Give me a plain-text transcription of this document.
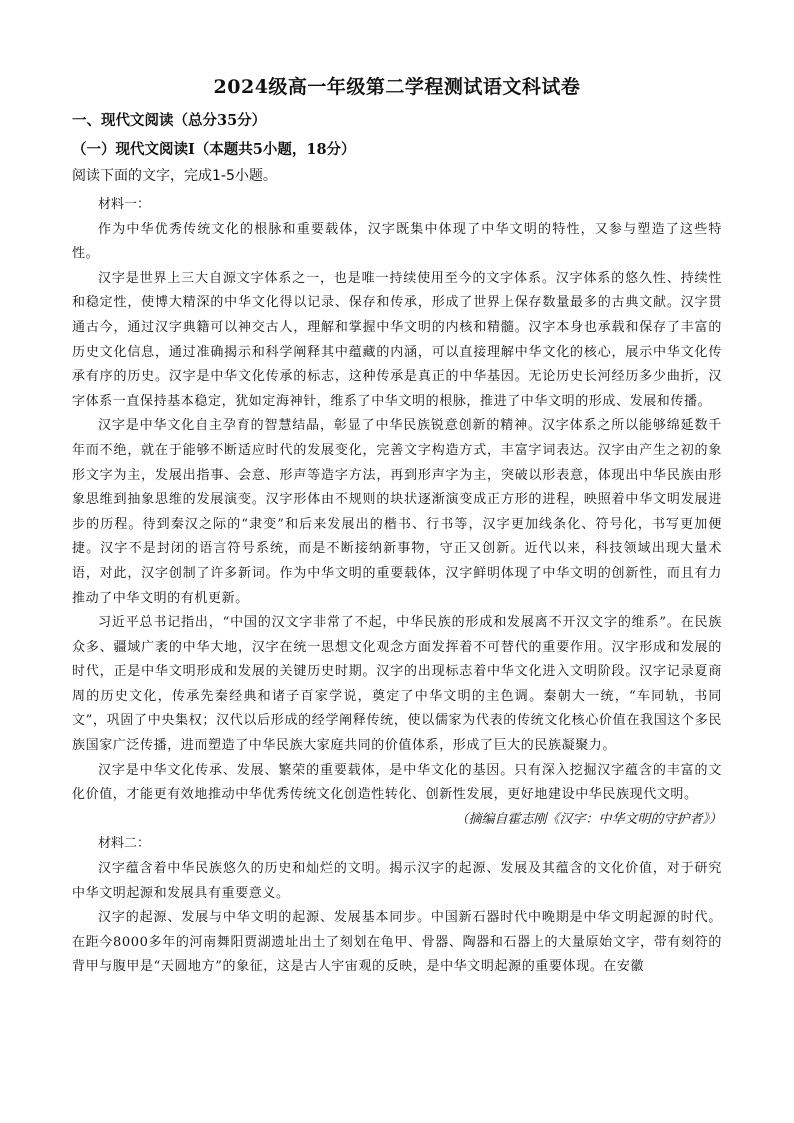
2024级高一年级第二学程测试语文科试卷
一、现代文阅读（总分35分）
（一）现代文阅读Ⅰ（本题共5小题，18分）
阅读下面的文字，完成1-5小题。
材料一：

作为中华优秀传统文化的根脉和重要载体，汉字既集中体现了中华文明的特性，又参与塑造了这些特性。

汉字是世界上三大自源文字体系之一，也是唯一持续使用至今的文字体系。汉字体系的悠久性、持续性和稳定性，使博大精深的中华文化得以记录、保存和传承，形成了世界上保存数量最多的古典文献。汉字贯通古今，通过汉字典籍可以神交古人，理解和掌握中华文明的内核和精髓。汉字本身也承载和保存了丰富的历史文化信息，通过准确揭示和科学阐释其中蕴藏的内涵，可以直接理解中华文化的核心，展示中华文化传承有序的历史。汉字是中华文化传承的标志，这种传承是真正的中华基因。无论历史长河经历多少曲折，汉字体系一直保持基本稳定，犹如定海神针，维系了中华文明的根脉，推进了中华文明的形成、发展和传播。

汉字是中华文化自主孕育的智慧结晶，彰显了中华民族锐意创新的精神。汉字体系之所以能够绵延数千年而不绝，就在于能够不断适应时代的发展变化，完善文字构造方式，丰富字词表达。汉字由产生之初的象形文字为主，发展出指事、会意、形声等造字方法，再到形声字为主，突破以形表意，体现出中华民族由形象思维到抽象思维的发展演变。汉字形体由不规则的块状逐渐演变成正方形的进程，映照着中华文明发展进步的历程。待到秦汉之际的“隶变”和后来发展出的楷书、行书等，汉字更加线条化、符号化，书写更加便捷。汉字不是封闭的语言符号系统，而是不断接纳新事物，守正又创新。近代以来，科技领域出现大量术语，对此，汉字创制了许多新词。作为中华文明的重要载体，汉字鲜明体现了中华文明的创新性，而且有力推动了中华文明的有机更新。

习近平总书记指出，“中国的汉文字非常了不起，中华民族的形成和发展离不开汉文字的维系”。在民族众多、疆域广袤的中华大地，汉字在统一思想文化观念方面发挥着不可替代的重要作用。汉字形成和发展的时代，正是中华文明形成和发展的关键历史时期。汉字的出现标志着中华文化进入文明阶段。汉字记录夏商周的历史文化，传承先秦经典和诸子百家学说，奠定了中华文明的主色调。秦朝大一统，“车同轨，书同文”，巩固了中央集权；汉代以后形成的经学阐释传统，使以儒家为代表的传统文化核心价值在我国这个多民族国家广泛传播，进而塑造了中华民族大家庭共同的价值体系，形成了巨大的民族凝聚力。

汉字是中华文化传承、发展、繁荣的重要载体，是中华文化的基因。只有深入挖掘汉字蕴含的丰富的文化价值，才能更有效地推动中华优秀传统文化创造性转化、创新性发展，更好地建设中华民族现代文明。

（摘编自霍志刚《汉字：中华文明的守护者》）
材料二：

汉字蕴含着中华民族悠久的历史和灿烂的文明。揭示汉字的起源、发展及其蕴含的文化价值，对于研究中华文明起源和发展具有重要意义。

汉字的起源、发展与中华文明的起源、发展基本同步。中国新石器时代中晚期是中华文明起源的时代。在距今8000多年的河南舞阳贾湖遗址出土了刻划在龟甲、骨器、陶器和石器上的大量原始文字，带有刻符的背甲与腹甲是“天圆地方”的象征，这是古人宇宙观的反映，是中华文明起源的重要体现。在安徽
